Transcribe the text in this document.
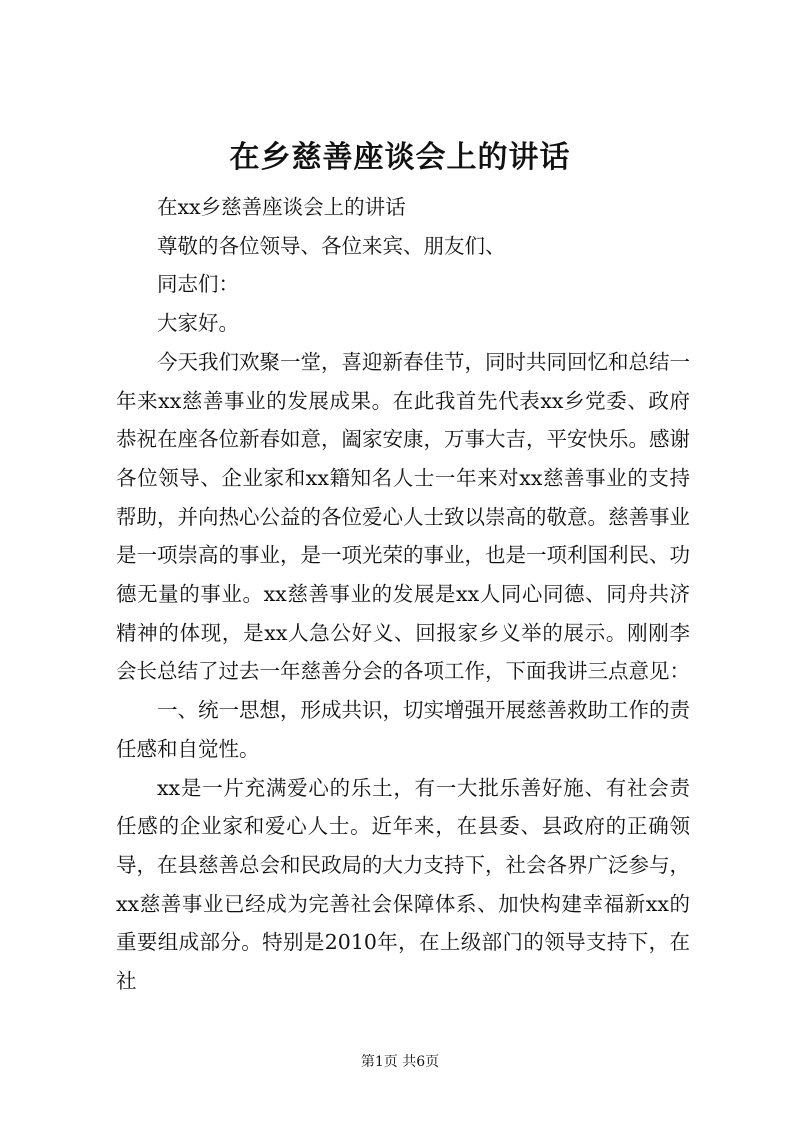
在乡慈善座谈会上的讲话

在xx乡慈善座谈会上的讲话

尊敬的各位领导、各位来宾、朋友们、

同志们：

大家好。

今天我们欢聚一堂，喜迎新春佳节，同时共同回忆和总结一年来xx慈善事业的发展成果。在此我首先代表xx乡党委、政府恭祝在座各位新春如意，阖家安康，万事大吉，平安快乐。感谢各位领导、企业家和xx籍知名人士一年来对xx慈善事业的支持帮助，并向热心公益的各位爱心人士致以崇高的敬意。慈善事业是一项崇高的事业，是一项光荣的事业，也是一项利国利民、功德无量的事业。xx慈善事业的发展是xx人同心同德、同舟共济精神的体现，是xx人急公好义、回报家乡义举的展示。刚刚李会长总结了过去一年慈善分会的各项工作，下面我讲三点意见：

一、统一思想，形成共识，切实增强开展慈善救助工作的责任感和自觉性。

xx是一片充满爱心的乐土，有一大批乐善好施、有社会责任感的企业家和爱心人士。近年来，在县委、县政府的正确领导，在县慈善总会和民政局的大力支持下，社会各界广泛参与，xx慈善事业已经成为完善社会保障体系、加快构建幸福新xx的重要组成部分。特别是2010年，在上级部门的领导支持下，在社

第1页 共6页
